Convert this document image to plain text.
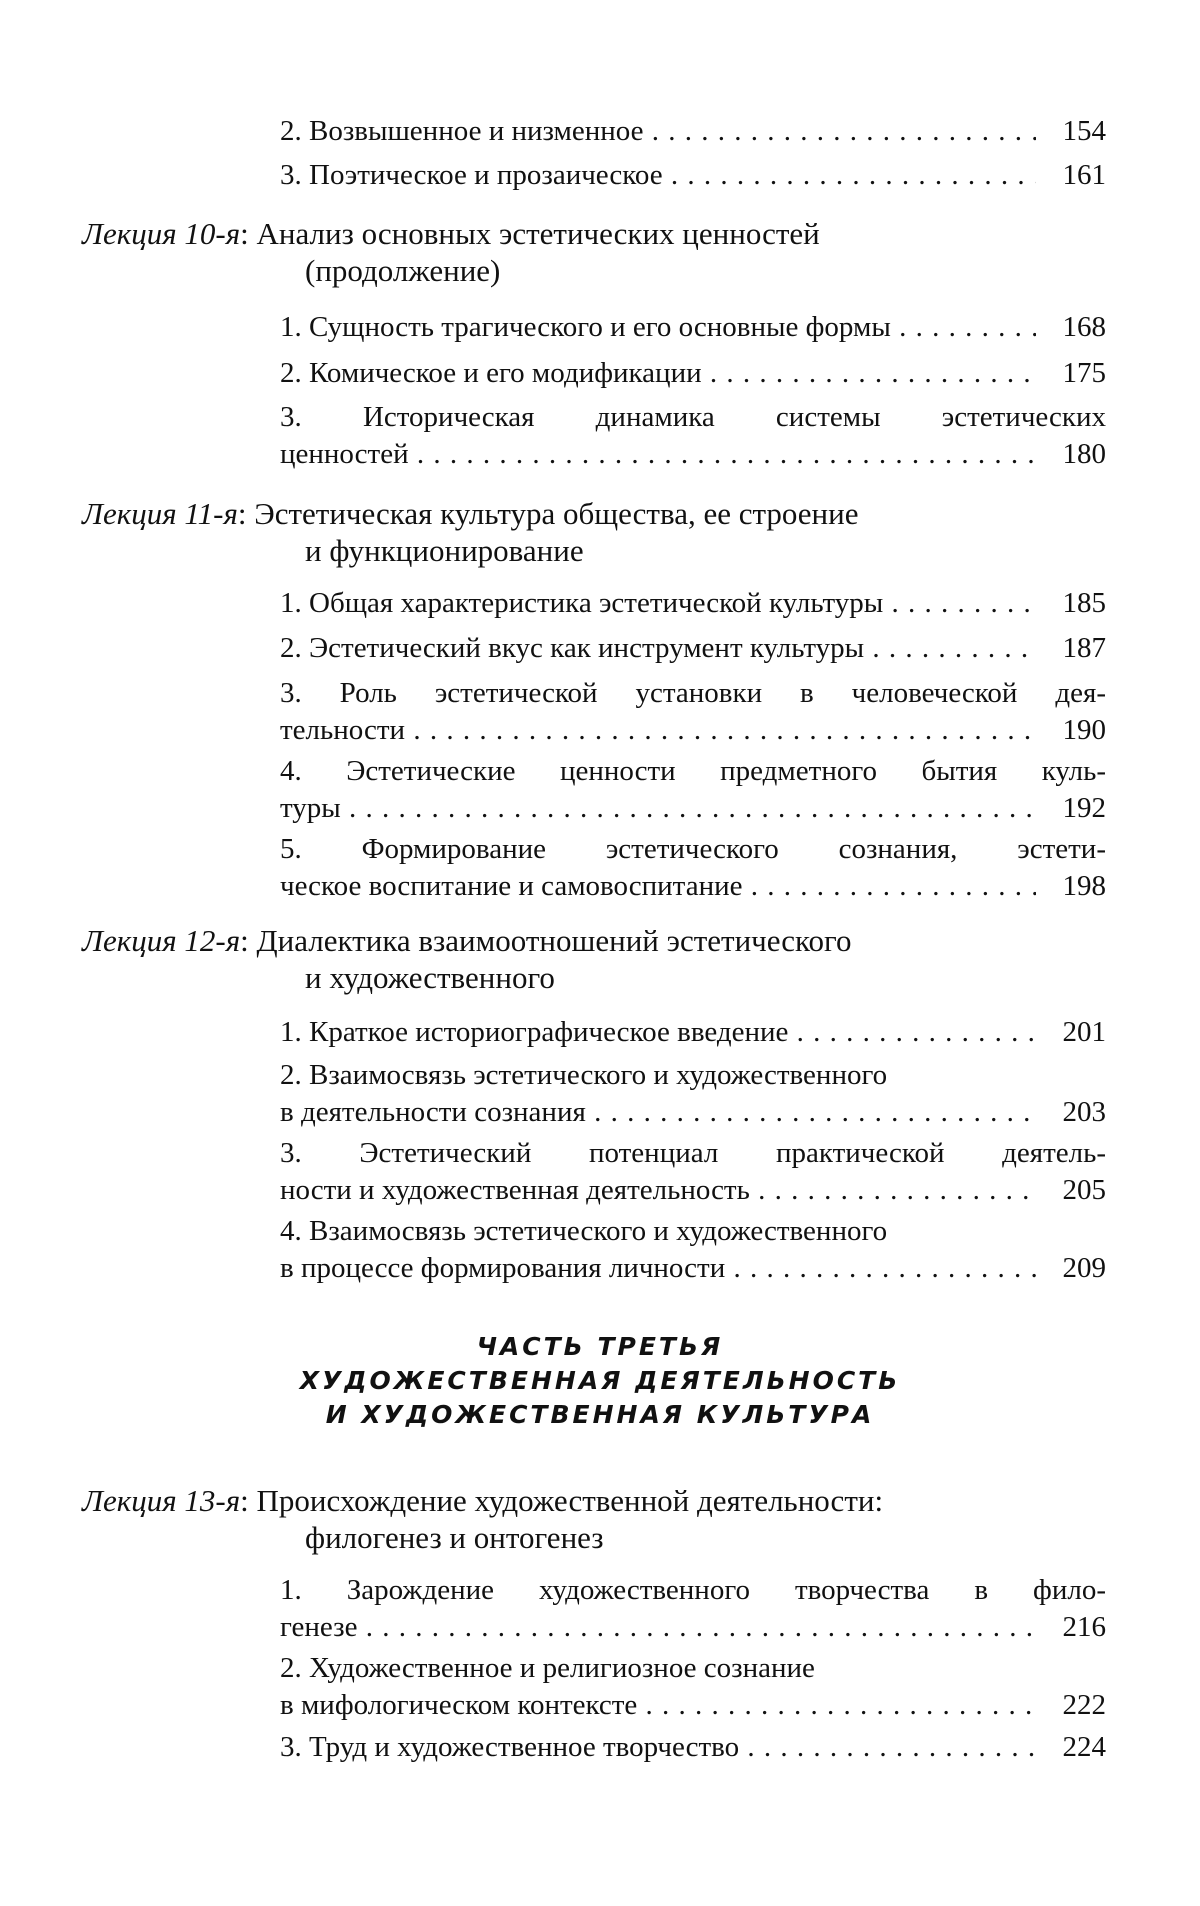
2. Возвышенное и низменное . . .	154
3. Поэтическое и прозаическое . . .	161
Лекция 10-я: Анализ основных эстетических ценностей
(продолжение)
1. Сущность трагического и его основные формы . . .	168
2. Комическое и его модификации . . .	175
3. Историческая динамика системы эстетических
ценностей . . .	180
Лекция 11-я: Эстетическая культура общества, ее строение
и функционирование
1. Общая характеристика эстетической культуры . . .	185
2. Эстетический вкус как инструмент культуры . . .	187
3. Роль эстетической установки в человеческой дея-
тельности . . .	190
4. Эстетические ценности предметного бытия куль-
туры . . .	192
5. Формирование эстетического сознания, эстети-
ческое воспитание и самовоспитание . . .	198
Лекция 12-я: Диалектика взаимоотношений эстетического
и художественного
1. Краткое историографическое введение . . .	201
2. Взаимосвязь эстетического и художественного
в деятельности сознания . . .	203
3. Эстетический потенциал практической деятель-
ности и художественная деятельность . . .	205
4. Взаимосвязь эстетического и художественного
в процессе формирования личности . . .	209
ЧАСТЬ ТРЕТЬЯ
ХУДОЖЕСТВЕННАЯ ДЕЯТЕЛЬНОСТЬ
И ХУДОЖЕСТВЕННАЯ КУЛЬТУРА
Лекция 13-я: Происхождение художественной деятельности:
филогенез и онтогенез
1. Зарождение художественного творчества в фило-
генезе . . .	216
2. Художественное и религиозное сознание
в мифологическом контексте . . .	222
3. Труд и художественное творчество . . .	224
